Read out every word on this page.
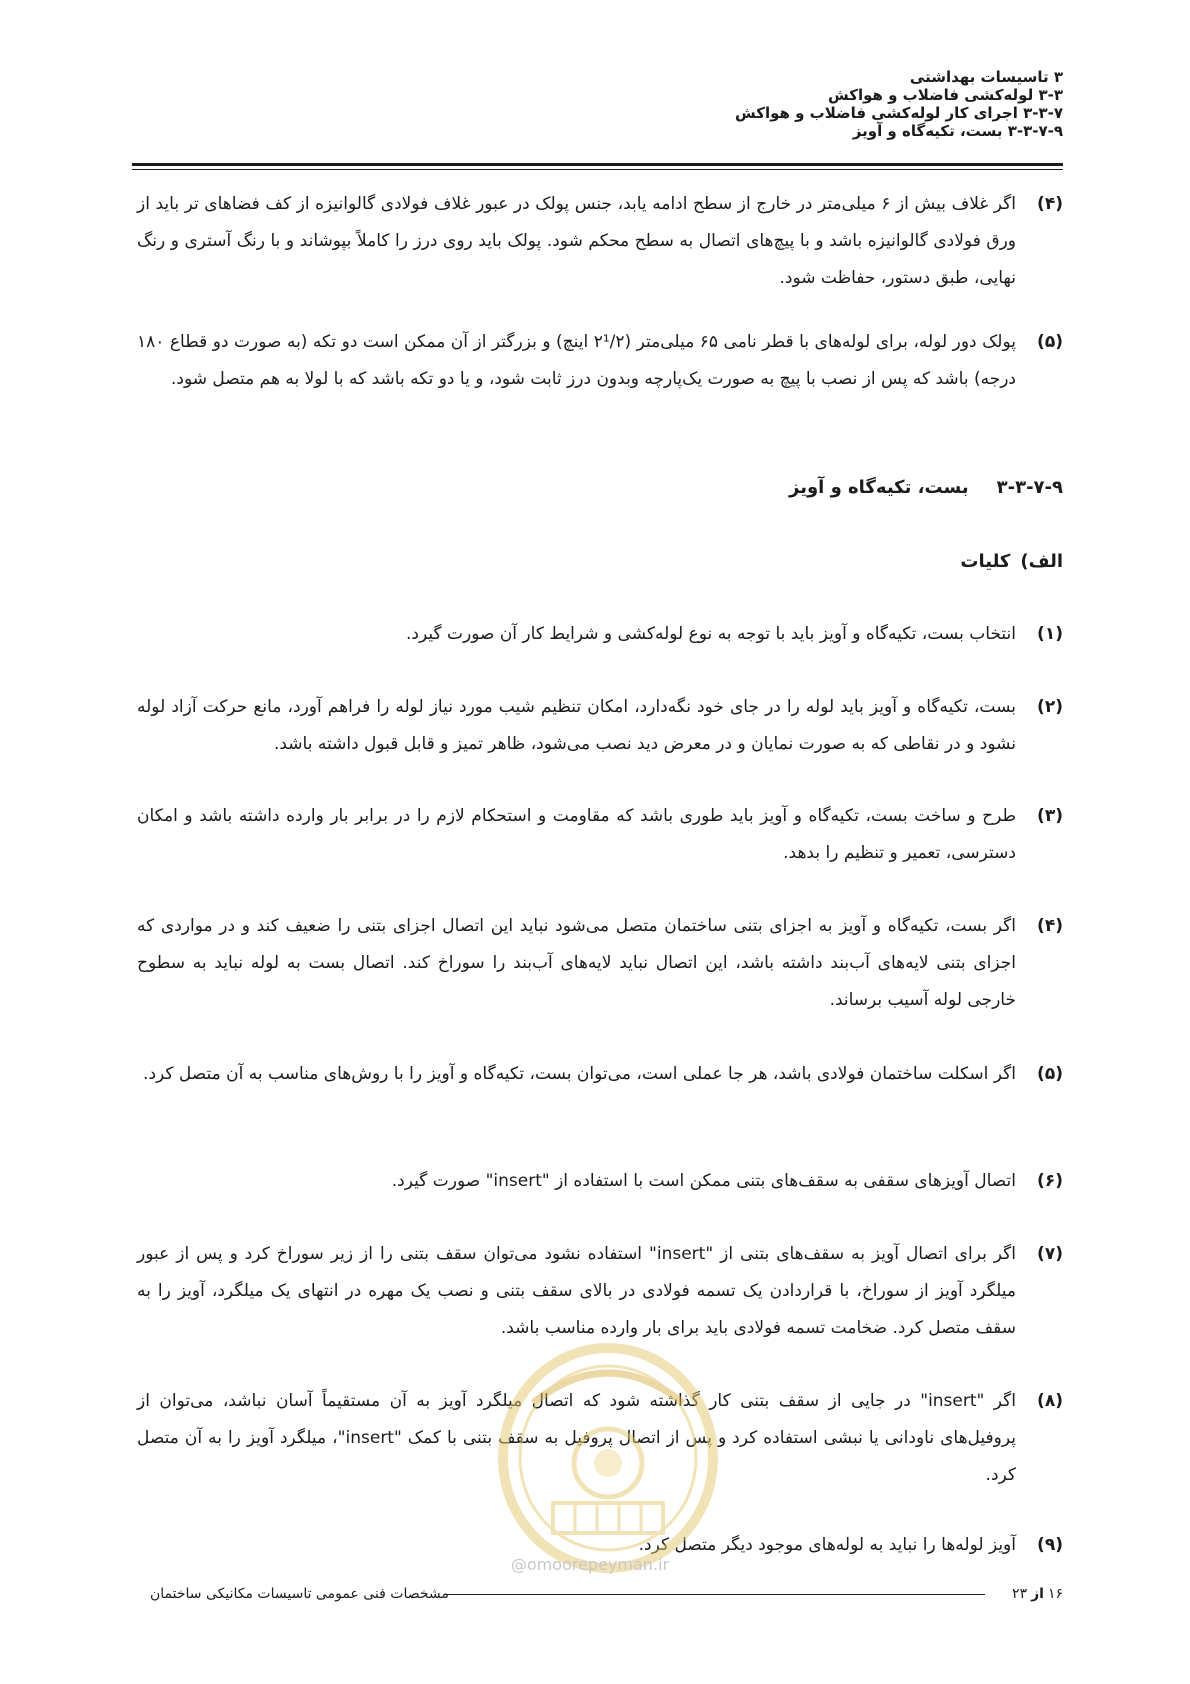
۳ تاسیسات بهداشتی
۳-۳ لوله‌کشی فاضلاب و هواکش
۳-۳-۷ اجرای کار لوله‌کشی فاضلاب و هواکش
۳-۳-۷-۹ بست، تکیه‌گاه و آویز
(۴)
اگر غلاف بیش از ۶ میلی‌متر در خارج از سطح ادامه یابد، جنس پولک در عبور غلاف فولادی گالوانیزه از کف فضاهای تر باید از ورق فولادی گالوانیزه باشد و با پیچ‌های اتصال به سطح محکم شود. پولک باید روی درز را کاملاً بپوشاند و با رنگ آستری و رنگ نهایی، طبق دستور، حفاظت شود.
(۵)
پولک دور لوله، برای لوله‌های با قطر نامی ۶۵ میلی‌متر (۲¹/۲ اینچ) و بزرگتر از آن ممکن است دو تکه (به صورت دو قطاع ۱۸۰ درجه) باشد که پس از نصب با پیچ به صورت یک‌پارچه وبدون درز ثابت شود، و یا دو تکه باشد که با لولا به هم متصل شود.
۳-۳-۷-۹بست، تکیه‌گاه و آویز
الف)کلیات
(۱)
انتخاب بست، تکیه‌گاه و آویز باید با توجه به نوع لوله‌کشی و شرایط کار آن صورت گیرد.
(۲)
بست، تکیه‌گاه و آویز باید لوله را در جای خود نگه‌دارد، امکان تنظیم شیب مورد نیاز لوله را فراهم آورد، مانع حرکت آزاد لوله نشود و در نقاطی که به صورت نمایان و در معرض دید نصب می‌شود، ظاهر تمیز و قابل قبول داشته باشد.
(۳)
طرح و ساخت بست، تکیه‌گاه و آویز باید طوری باشد که مقاومت و استحکام لازم را در برابر بار وارده داشته باشد و امکان دسترسی، تعمیر و تنظیم را بدهد.
(۴)
اگر بست، تکیه‌گاه و آویز به اجزای بتنی ساختمان متصل می‌شود نباید این اتصال اجزای بتنی را ضعیف کند و در مواردی که اجزای بتنی لایه‌های آب‌بند داشته باشد، این اتصال نباید لایه‌های آب‌بند را سوراخ کند. اتصال بست به لوله نباید به سطوح خارجی لوله آسیب برساند.
(۵)
اگر اسکلت ساختمان فولادی باشد، هر جا عملی است، می‌توان بست، تکیه‌گاه و آویز را با روش‌های مناسب به آن متصل کرد.
(۶)
اتصال آویزهای سقفی به سقف‌های بتنی ممکن است با استفاده از "insert" صورت گیرد.
(۷)
اگر برای اتصال آویز به سقف‌های بتنی از "insert" استفاده نشود می‌توان سقف بتنی را از زیر سوراخ کرد و پس از عبور میلگرد آویز از سوراخ، با قراردادن یک تسمه فولادی در بالای سقف بتنی و نصب یک مهره در انتهای یک میلگرد، آویز را به سقف متصل کرد. ضخامت تسمه فولادی باید برای بار وارده مناسب باشد.
(۸)
اگر "insert" در جایی از سقف بتنی کار گذاشته شود که اتصال میلگرد آویز به آن مستقیماً آسان نباشد، می‌توان از پروفیل‌های ناودانی یا نبشی استفاده کرد و پس از اتصال پروفیل به سقف بتنی با کمک "insert"، میلگرد آویز را به آن متصل کرد.
(۹)
آویز لوله‌ها را نباید به لوله‌های موجود دیگر متصل کرد.
@omoorepeyman.ir
۱۶از۲۳
مشخصات فنی عمومی تاسیسات مکانیکی ساختمان
